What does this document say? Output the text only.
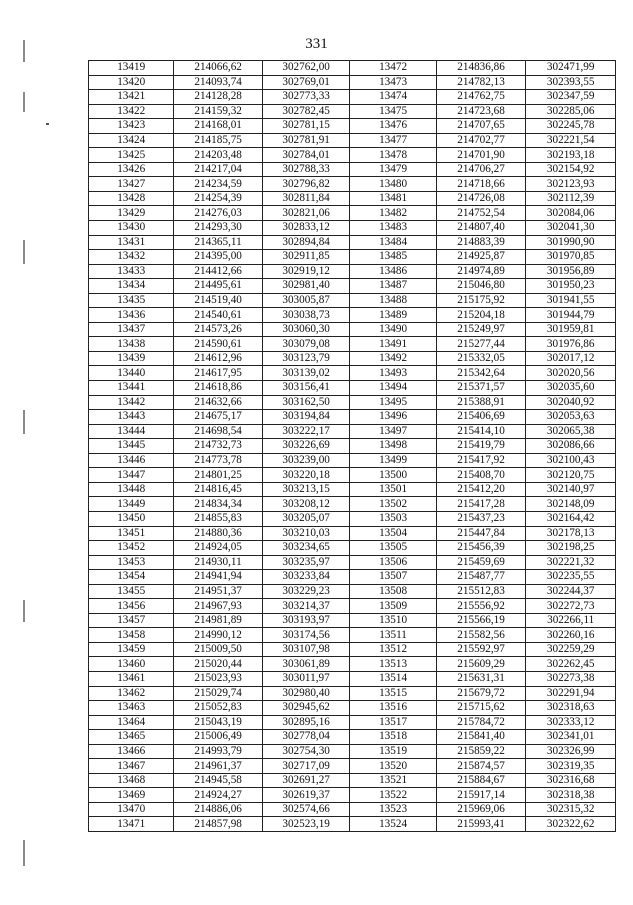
331
13419	214066,62	302762,00	13472	214836,86	302471,99
13420	214093,74	302769,01	13473	214782,13	302393,55
13421	214128,28	302773,33	13474	214762,75	302347,59
13422	214159,32	302782,45	13475	214723,68	302285,06
13423	214168,01	302781,15	13476	214707,65	302245,78
13424	214185,75	302781,91	13477	214702,77	302221,54
13425	214203,48	302784,01	13478	214701,90	302193,18
13426	214217,04	302788,33	13479	214706,27	302154,92
13427	214234,59	302796,82	13480	214718,66	302123,93
13428	214254,39	302811,84	13481	214726,08	302112,39
13429	214276,03	302821,06	13482	214752,54	302084,06
13430	214293,30	302833,12	13483	214807,40	302041,30
13431	214365,11	302894,84	13484	214883,39	301990,90
13432	214395,00	302911,85	13485	214925,87	301970,85
13433	214412,66	302919,12	13486	214974,89	301956,89
13434	214495,61	302981,40	13487	215046,80	301950,23
13435	214519,40	303005,87	13488	215175,92	301941,55
13436	214540,61	303038,73	13489	215204,18	301944,79
13437	214573,26	303060,30	13490	215249,97	301959,81
13438	214590,61	303079,08	13491	215277,44	301976,86
13439	214612,96	303123,79	13492	215332,05	302017,12
13440	214617,95	303139,02	13493	215342,64	302020,56
13441	214618,86	303156,41	13494	215371,57	302035,60
13442	214632,66	303162,50	13495	215388,91	302040,92
13443	214675,17	303194,84	13496	215406,69	302053,63
13444	214698,54	303222,17	13497	215414,10	302065,38
13445	214732,73	303226,69	13498	215419,79	302086,66
13446	214773,78	303239,00	13499	215417,92	302100,43
13447	214801,25	303220,18	13500	215408,70	302120,75
13448	214816,45	303213,15	13501	215412,20	302140,97
13449	214834,34	303208,12	13502	215417,28	302148,09
13450	214855,83	303205,07	13503	215437,23	302164,42
13451	214880,36	303210,03	13504	215447,84	302178,13
13452	214924,05	303234,65	13505	215456,39	302198,25
13453	214930,11	303235,97	13506	215459,69	302221,32
13454	214941,94	303233,84	13507	215487,77	302235,55
13455	214951,37	303229,23	13508	215512,83	302244,37
13456	214967,93	303214,37	13509	215556,92	302272,73
13457	214981,89	303193,97	13510	215566,19	302266,11
13458	214990,12	303174,56	13511	215582,56	302260,16
13459	215009,50	303107,98	13512	215592,97	302259,29
13460	215020,44	303061,89	13513	215609,29	302262,45
13461	215023,93	303011,97	13514	215631,31	302273,38
13462	215029,74	302980,40	13515	215679,72	302291,94
13463	215052,83	302945,62	13516	215715,62	302318,63
13464	215043,19	302895,16	13517	215784,72	302333,12
13465	215006,49	302778,04	13518	215841,40	302341,01
13466	214993,79	302754,30	13519	215859,22	302326,99
13467	214961,37	302717,09	13520	215874,57	302319,35
13468	214945,58	302691,27	13521	215884,67	302316,68
13469	214924,27	302619,37	13522	215917,14	302318,38
13470	214886,06	302574,66	13523	215969,06	302315,32
13471	214857,98	302523,19	13524	215993,41	302322,62
